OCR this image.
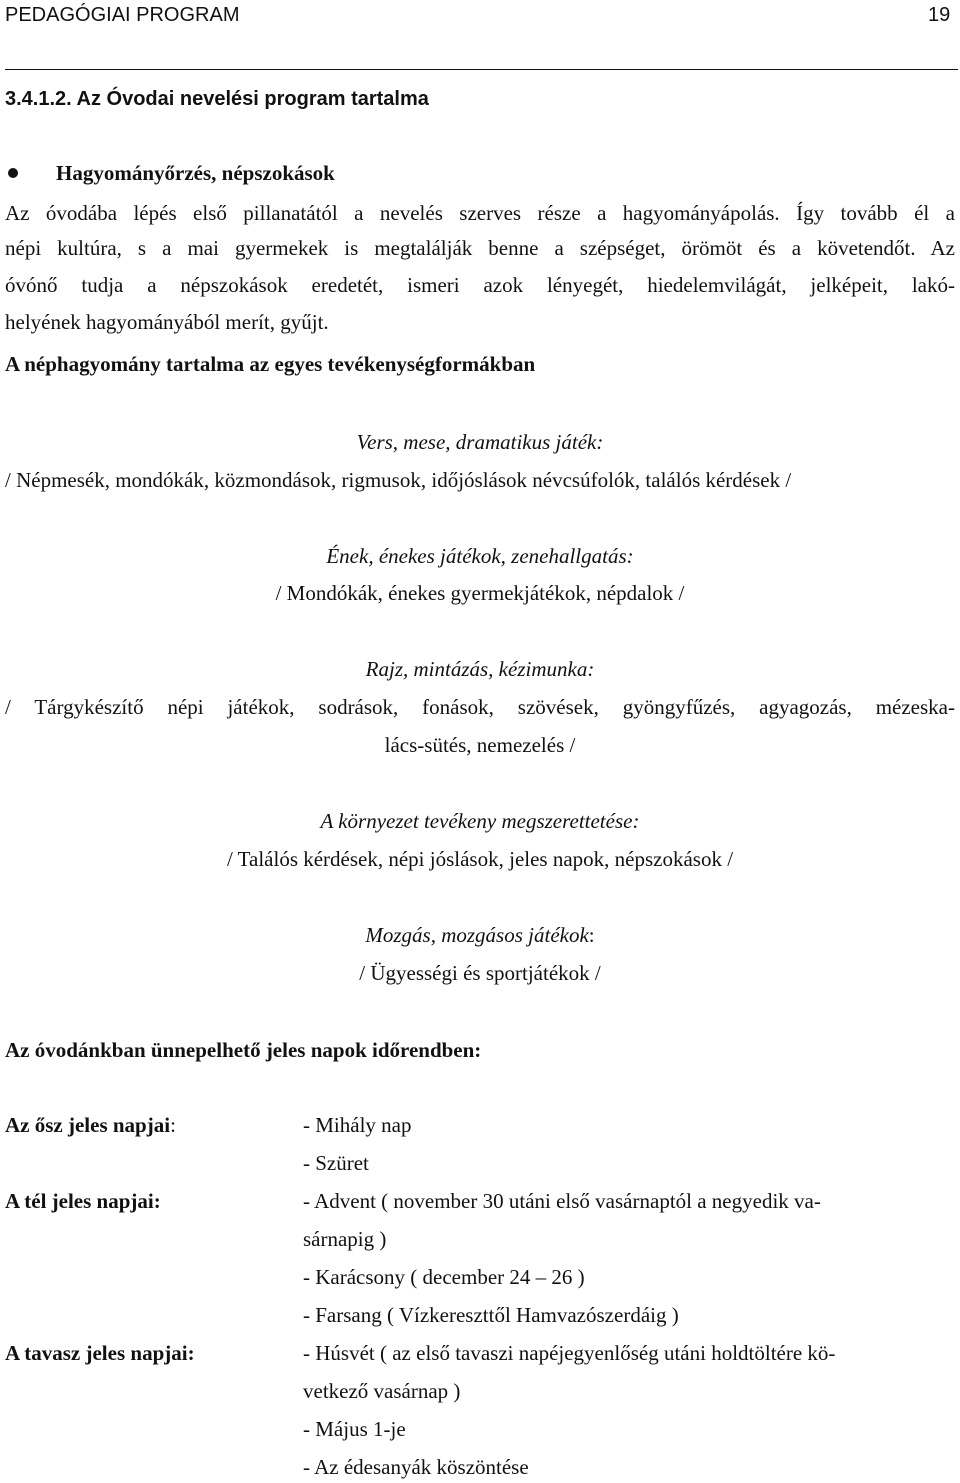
PEDAGÓGIAI PROGRAM	19
3.4.1.2. Az Óvodai nevelési program tartalma
Hagyományőrzés, népszokások
Az óvodába lépés első pillanatától a nevelés szerves része a hagyományápolás. Így tovább él a
népi kultúra, s a mai gyermekek is megtalálják benne a szépséget, örömöt és a követendőt. Az
óvónő tudja a népszokások eredetét, ismeri azok lényegét, hiedelemvilágát, jelképeit, lakó-
helyének hagyományából merít, gyűjt.
A néphagyomány tartalma az egyes tevékenységformákban
Vers, mese, dramatikus játék:
/ Népmesék, mondókák, közmondások, rigmusok, időjóslások névcsúfolók, találós kérdések /
Ének, énekes játékok, zenehallgatás:
/ Mondókák, énekes gyermekjátékok, népdalok /
Rajz, mintázás, kézimunka:
/ Tárgykészítő népi játékok, sodrások, fonások, szövések, gyöngyfűzés, agyagozás, mézeska-
lács-sütés, nemezelés /
A környezet tevékeny megszerettetése:
/ Találós kérdések, népi jóslások, jeles napok, népszokások /
Mozgás, mozgásos játékok:
/ Ügyességi és sportjátékok /
Az óvodánkban ünnepelhető jeles napok időrendben:
Az ősz jeles napjai:	- Mihály nap
- Szüret
A tél jeles napjai:	- Advent ( november 30 utáni első vasárnaptól a negyedik va-
sárnapig )
- Karácsony ( december 24 – 26 )
- Farsang ( Vízkereszttől Hamvazószerdáig )
A tavasz jeles napjai:	- Húsvét ( az első tavaszi napéjegyenlőség utáni holdtöltére kö-
vetkező vasárnap )
- Május 1-je
- Az édesanyák köszöntése
